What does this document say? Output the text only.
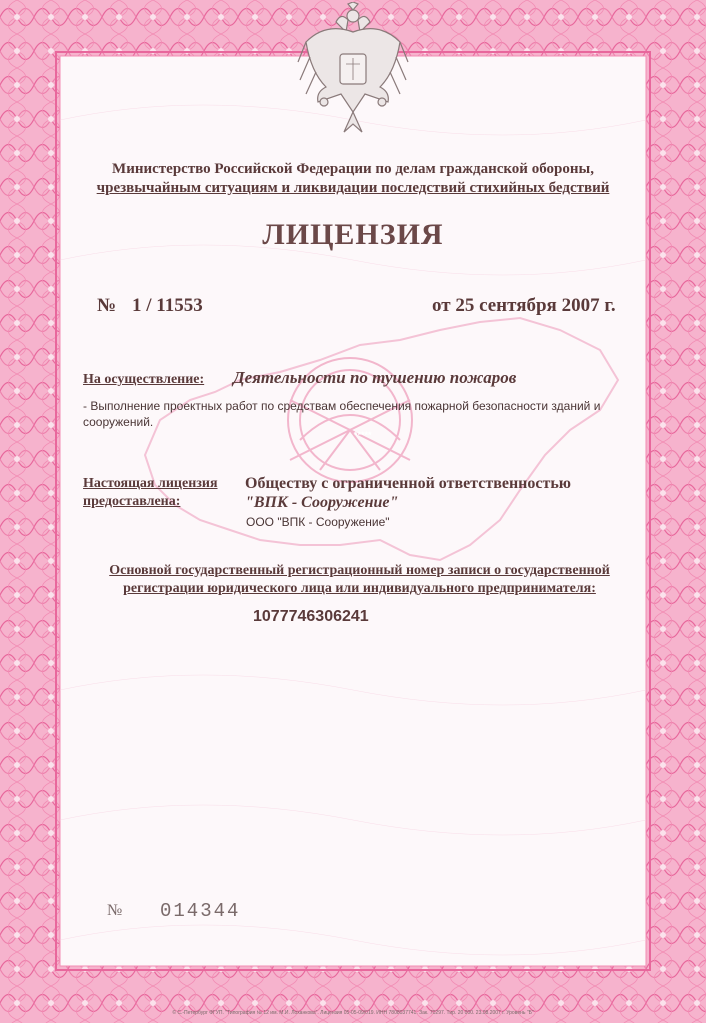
Министерство Российской Федерации по делам гражданской обороны,
чрезвычайным ситуациям и ликвидации последствий стихийных бедствий
ЛИЦЕНЗИЯ
№ 1 / 11553	от 25 сентября 2007 г.
На осуществление: Деятельности по тушению пожаров
- Выполнение проектных работ по средствам обеспечения пожарной безопасности зданий и сооружений.
*****
Настоящая лицензия
предоставлена:
Обществу с ограниченной ответственностью
"ВПК - Сооружение"
ООО "ВПК - Сооружение"
Основной государственный регистрационный номер записи о государственной
регистрации юридического лица или индивидуального предпринимателя:
1077746306241
№ 014344
© С.-Петербург ФГУП. "Типография № 12 им. М.И. Лоханкова". Лицензия 05-05-09/019. ИНН 7808037741. Зак. 70297. Тир. 20 000. 23.08.2007 г. Уровень "Б"
